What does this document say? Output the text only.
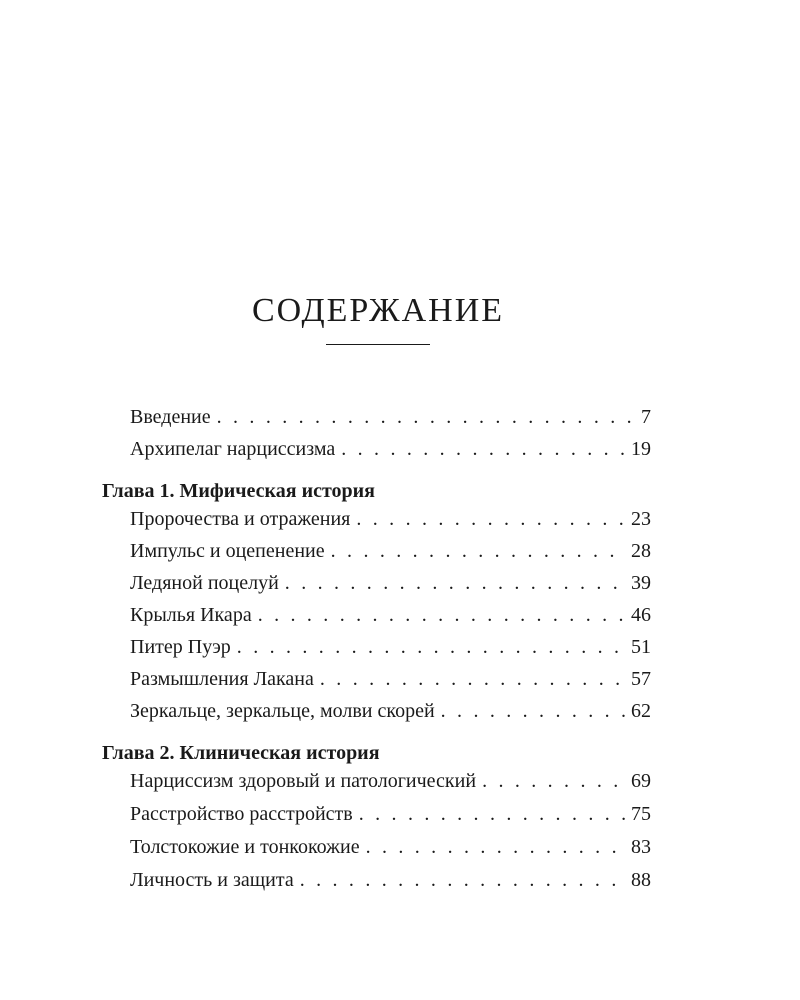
СОДЕРЖАНИЕ
Введение . . .	7
Архипелаг нарциссизма . . .	19
Глава 1. Мифическая история
Пророчества и отражения . . .	23
Импульс и оцепенение . . .	28
Ледяной поцелуй . . .	39
Крылья Икара . . .	46
Питер Пуэр . . .	51
Размышления Лакана . . .	57
Зеркальце, зеркальце, молви скорей . . .	62
Глава 2. Клиническая история
Нарциссизм здоровый и патологический . . .	69
Расстройство расстройств . . .	75
Толстокожие и тонкокожие . . .	83
Личность и защита . . .	88
